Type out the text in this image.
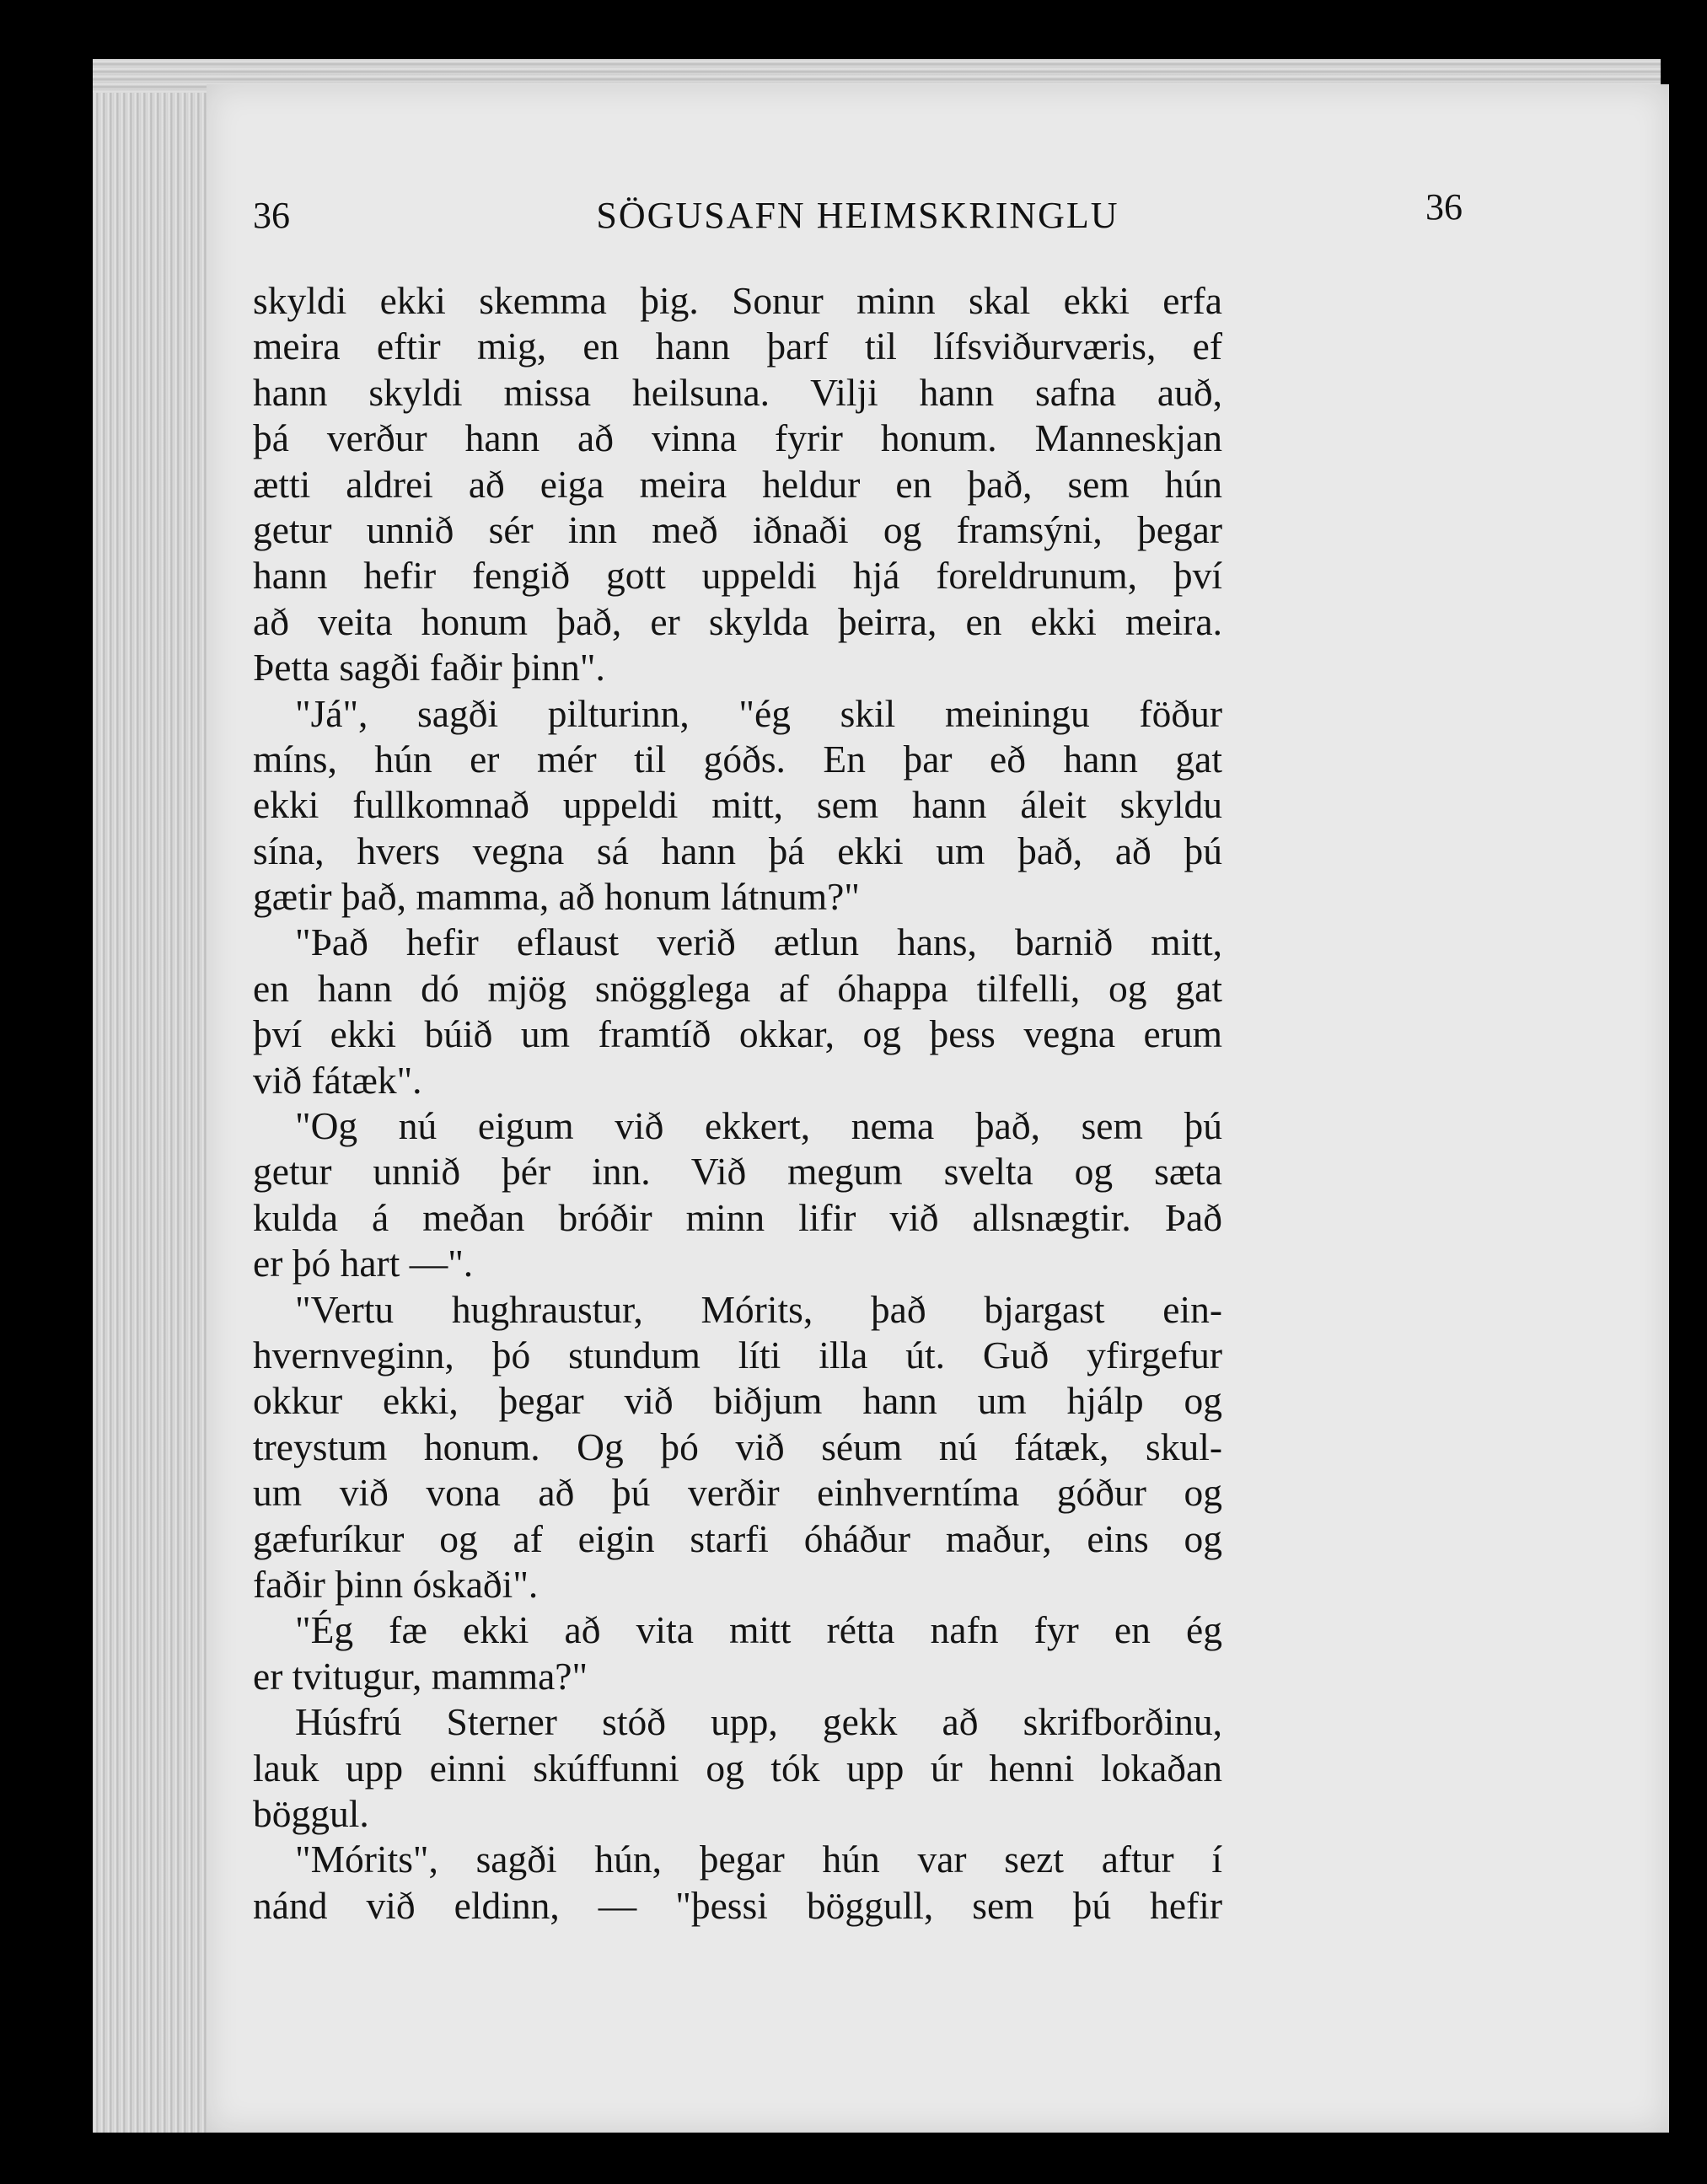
36	SÖGUSAFN HEIMSKRINGLU	36
skyldi ekki skemma þig. Sonur minn skal ekki erfa
meira eftir mig, en hann þarf til lífsviðurværis, ef
hann skyldi missa heilsuna. Vilji hann safna auð,
þá verður hann að vinna fyrir honum. Manneskjan
ætti aldrei að eiga meira heldur en það, sem hún
getur unnið sér inn með iðnaði og framsýni, þegar
hann hefir fengið gott uppeldi hjá foreldrunum, því
að veita honum það, er skylda þeirra, en ekki meira.
Þetta sagði faðir þinn".
"Já", sagði pilturinn, "ég skil meiningu föður
míns, hún er mér til góðs. En þar eð hann gat
ekki fullkomnað uppeldi mitt, sem hann áleit skyldu
sína, hvers vegna sá hann þá ekki um það, að þú
gætir það, mamma, að honum látnum?"
"Það hefir eflaust verið ætlun hans, barnið mitt,
en hann dó mjög snögglega af óhappa tilfelli, og gat
því ekki búið um framtíð okkar, og þess vegna erum
við fátæk".
"Og nú eigum við ekkert, nema það, sem þú
getur unnið þér inn. Við megum svelta og sæta
kulda á meðan bróðir minn lifir við allsnægtir. Það
er þó hart —".
"Vertu hughraustur, Mórits, það bjargast ein-
hvernveginn, þó stundum líti illa út. Guð yfirgefur
okkur ekki, þegar við biðjum hann um hjálp og
treystum honum. Og þó við séum nú fátæk, skul-
um við vona að þú verðir einhverntíma góður og
gæfuríkur og af eigin starfi óháður maður, eins og
faðir þinn óskaði".
"Ég fæ ekki að vita mitt rétta nafn fyr en ég
er tvitugur, mamma?"
Húsfrú Sterner stóð upp, gekk að skrifborðinu,
lauk upp einni skúffunni og tók upp úr henni lokaðan
böggul.
"Mórits", sagði hún, þegar hún var sezt aftur í
nánd við eldinn, — "þessi böggull, sem þú hefir
